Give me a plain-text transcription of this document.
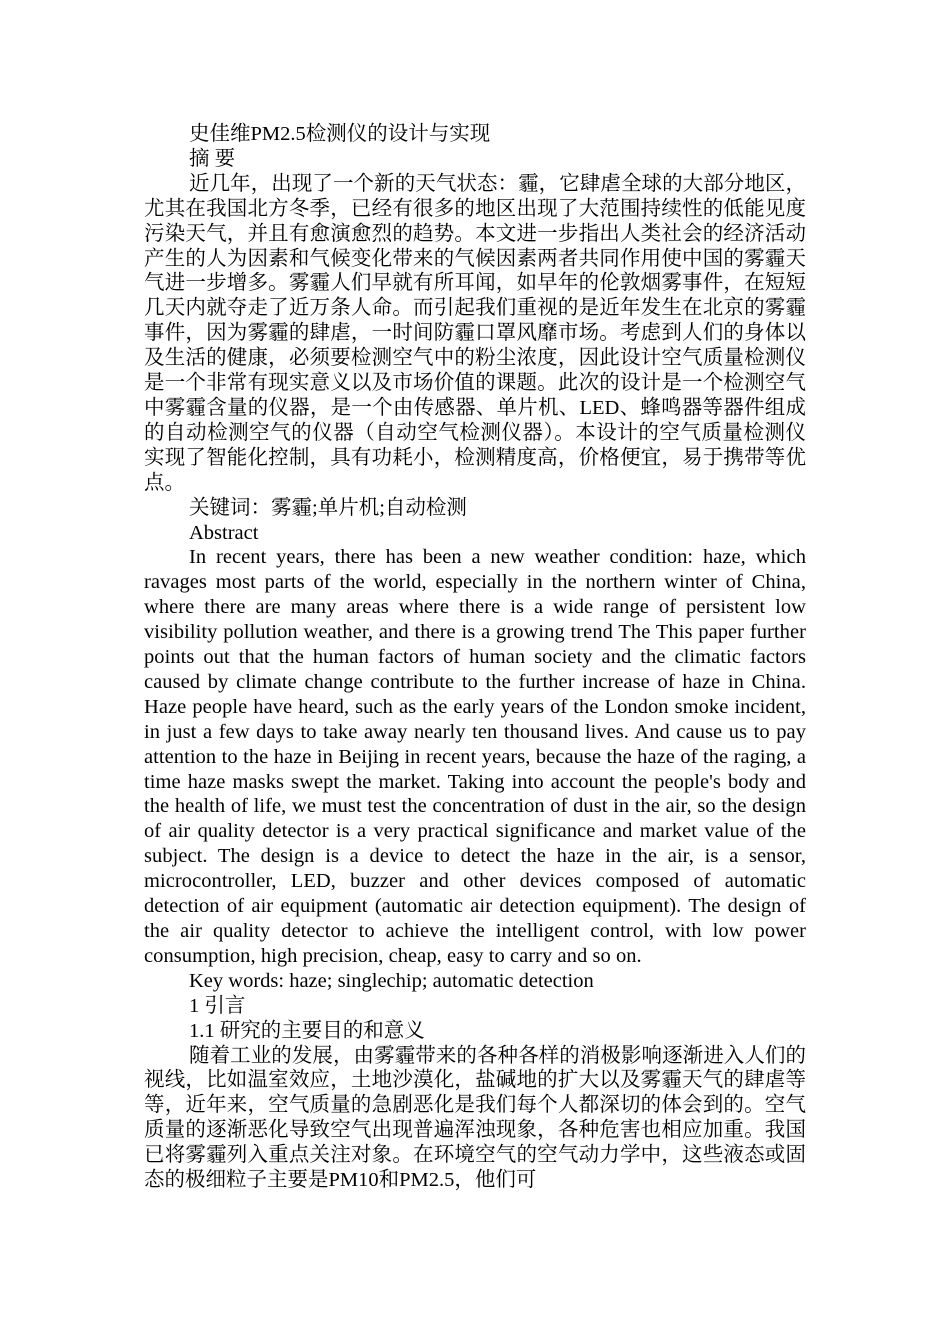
史佳维PM2.5检测仪的设计与实现
摘 要

近几年，出现了一个新的天气状态：霾，它肆虐全球的大部分地区，尤其在我国北方冬季，已经有很多的地区出现了大范围持续性的低能见度污染天气，并且有愈演愈烈的趋势。本文进一步指出人类社会的经济活动产生的人为因素和气候变化带来的气候因素两者共同作用使中国的雾霾天气进一步增多。雾霾人们早就有所耳闻，如早年的伦敦烟雾事件，在短短几天内就夺走了近万条人命。而引起我们重视的是近年发生在北京的雾霾事件，因为雾霾的肆虐，一时间防霾口罩风靡市场。考虑到人们的身体以及生活的健康，必须要检测空气中的粉尘浓度，因此设计空气质量检测仪是一个非常有现实意义以及市场价值的课题。此次的设计是一个检测空气中雾霾含量的仪器，是一个由传感器、单片机、LED、蜂鸣器等器件组成的自动检测空气的仪器（自动空气检测仪器）。本设计的空气质量检测仪实现了智能化控制，具有功耗小，检测精度高，价格便宜，易于携带等优点。

关键词：雾霾;单片机;自动检测
Abstract

In recent years, there has been a new weather condition: haze, which ravages most parts of the world, especially in the northern winter of China, where there are many areas where there is a wide range of persistent low visibility pollution weather, and there is a growing trend The This paper further points out that the human factors of human society and the climatic factors caused by climate change contribute to the further increase of haze in China. Haze people have heard, such as the early years of the London smoke incident, in just a few days to take away nearly ten thousand lives. And cause us to pay attention to the haze in Beijing in recent years, because the haze of the raging, a time haze masks swept the market. Taking into account the people's body and the health of life, we must test the concentration of dust in the air, so the design of air quality detector is a very practical significance and market value of the subject. The design is a device to detect the haze in the air, is a sensor, microcontroller, LED, buzzer and other devices composed of automatic detection of air equipment (automatic air detection equipment). The design of the air quality detector to achieve the intelligent control, with low power consumption, high precision, cheap, easy to carry and so on.

Key words: haze; singlechip; automatic detection
1 引言
1.1 研究的主要目的和意义

随着工业的发展，由雾霾带来的各种各样的消极影响逐渐进入人们的视线，比如温室效应，土地沙漠化，盐碱地的扩大以及雾霾天气的肆虐等等，近年来，空气质量的急剧恶化是我们每个人都深切的体会到的。空气质量的逐渐恶化导致空气出现普遍浑浊现象，各种危害也相应加重。我国已将雾霾列入重点关注对象。在环境空气的空气动力学中，这些液态或固态的极细粒子主要是PM10和PM2.5，他们可
